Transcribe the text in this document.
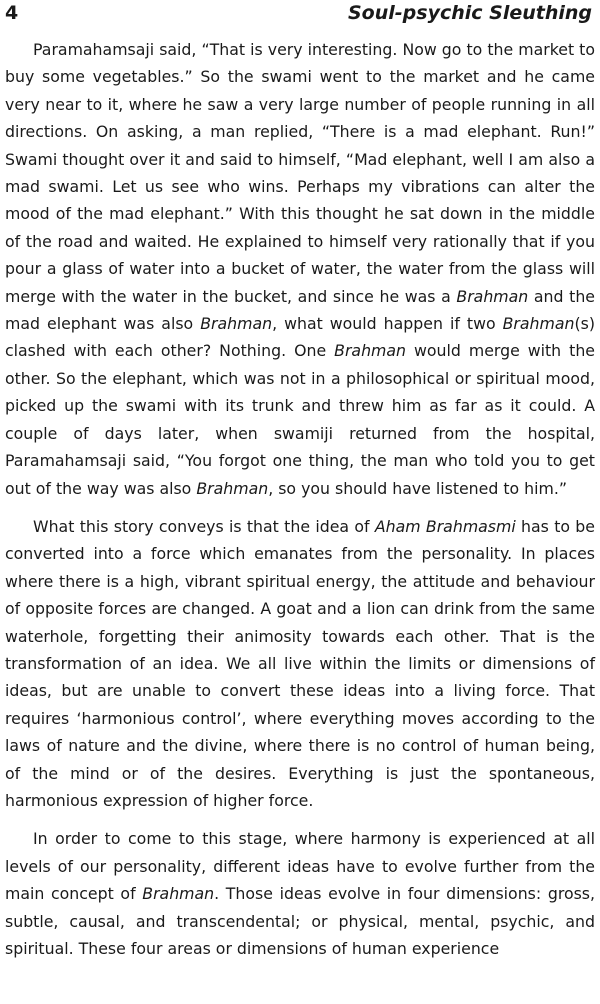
4	Soul-psychic Sleuthing

Paramahamsaji said, “That is very interesting. Now go to the market to buy some vegetables.” So the swami went to the market and he came very near to it, where he saw a very large number of people running in all directions. On asking, a man replied, “There is a mad elephant. Run!” Swami thought over it and said to himself, “Mad elephant, well I am also a mad swami. Let us see who wins. Perhaps my vibrations can alter the mood of the mad elephant.” With this thought he sat down in the middle of the road and waited. He explained to himself very rationally that if you pour a glass of water into a bucket of water, the water from the glass will merge with the water in the bucket, and since he was a Brahman and the mad elephant was also Brahman, what would happen if two Brahman(s) clashed with each other? Nothing. One Brahman would merge with the other. So the elephant, which was not in a philosophical or spiritual mood, picked up the swami with its trunk and threw him as far as it could. A couple of days later, when swamiji returned from the hospital, Paramahamsaji said, “You forgot one thing, the man who told you to get out of the way was also Brahman, so you should have listened to him.”

What this story conveys is that the idea of Aham Brahmasmi has to be converted into a force which emanates from the personality. In places where there is a high, vibrant spiritual energy, the attitude and behaviour of opposite forces are changed. A goat and a lion can drink from the same waterhole, forgetting their animosity towards each other. That is the transformation of an idea. We all live within the limits or dimensions of ideas, but are unable to convert these ideas into a living force. That requires ‘harmonious control’, where everything moves according to the laws of nature and the divine, where there is no control of human being, of the mind or of the desires. Everything is just the spontaneous, harmonious expression of higher force.

In order to come to this stage, where harmony is experienced at all levels of our personality, different ideas have to evolve further from the main concept of Brahman. Those ideas evolve in four dimensions: gross, subtle, causal, and transcendental; or physical, mental, psychic, and spiritual. These four areas or dimensions of human experience
